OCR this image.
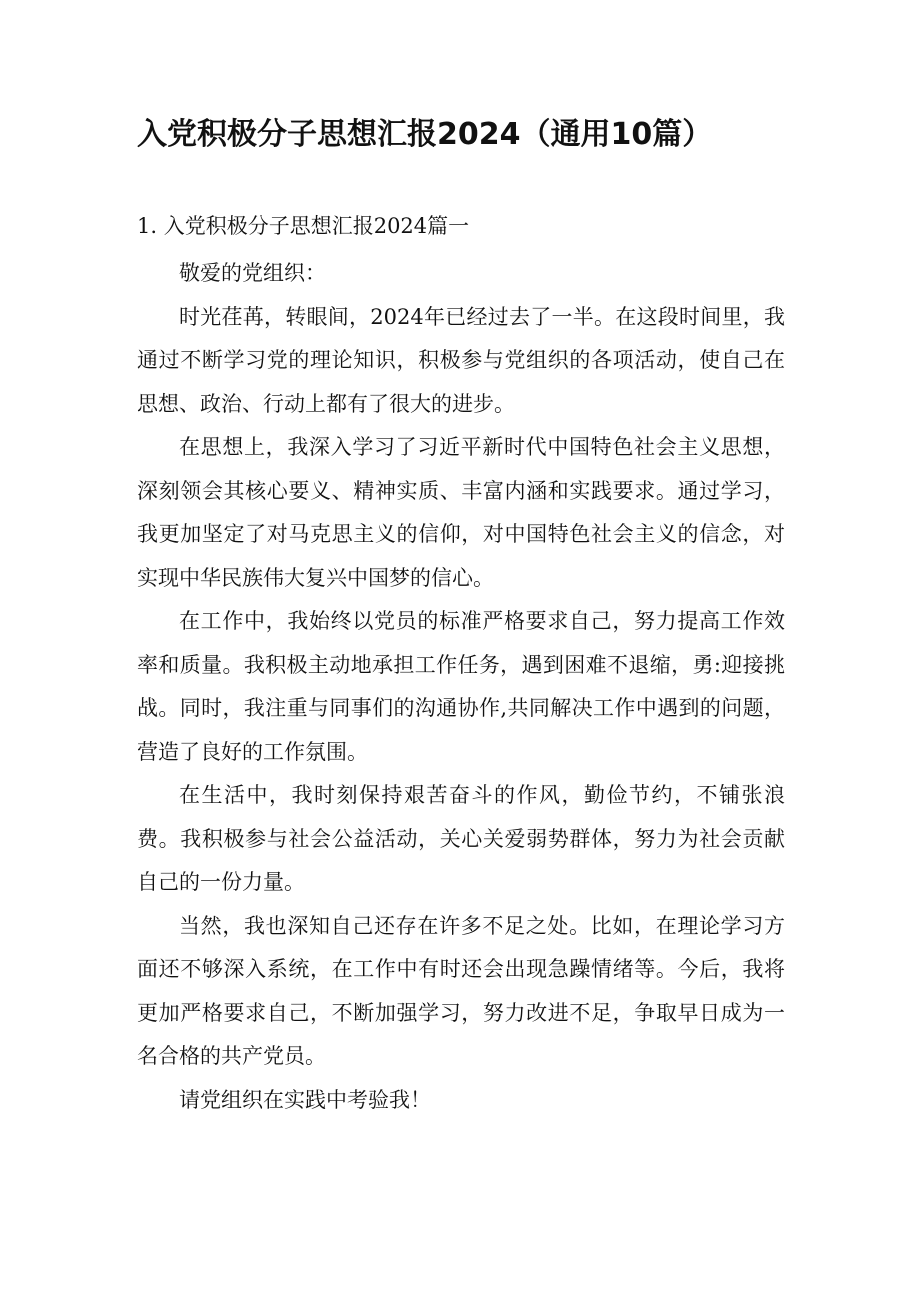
入党积极分子思想汇报2024（通用10篇）
1. 入党积极分子思想汇报2024篇一

敬爱的党组织：

时光荏苒，转眼间，2024年已经过去了一半。在这段时间里，我通过不断学习党的理论知识，积极参与党组织的各项活动，使自己在思想、政治、行动上都有了很大的进步。

在思想上，我深入学习了习近平新时代中国特色社会主义思想，深刻领会其核心要义、精神实质、丰富内涵和实践要求。通过学习，我更加坚定了对马克思主义的信仰，对中国特色社会主义的信念，对实现中华民族伟大复兴中国梦的信心。

在工作中，我始终以党员的标准严格要求自己，努力提高工作效率和质量。我积极主动地承担工作任务，遇到困难不退缩，勇:迎接挑战。同时，我注重与同事们的沟通协作,共同解决工作中遇到的问题，营造了良好的工作氛围。

在生活中，我时刻保持艰苦奋斗的作风，勤俭节约，不铺张浪费。我积极参与社会公益活动，关心关爱弱势群体，努力为社会贡献自己的一份力量。

当然，我也深知自己还存在许多不足之处。比如，在理论学习方面还不够深入系统，在工作中有时还会出现急躁情绪等。今后，我将更加严格要求自己，不断加强学习，努力改进不足，争取早日成为一名合格的共产党员。

请党组织在实践中考验我！
